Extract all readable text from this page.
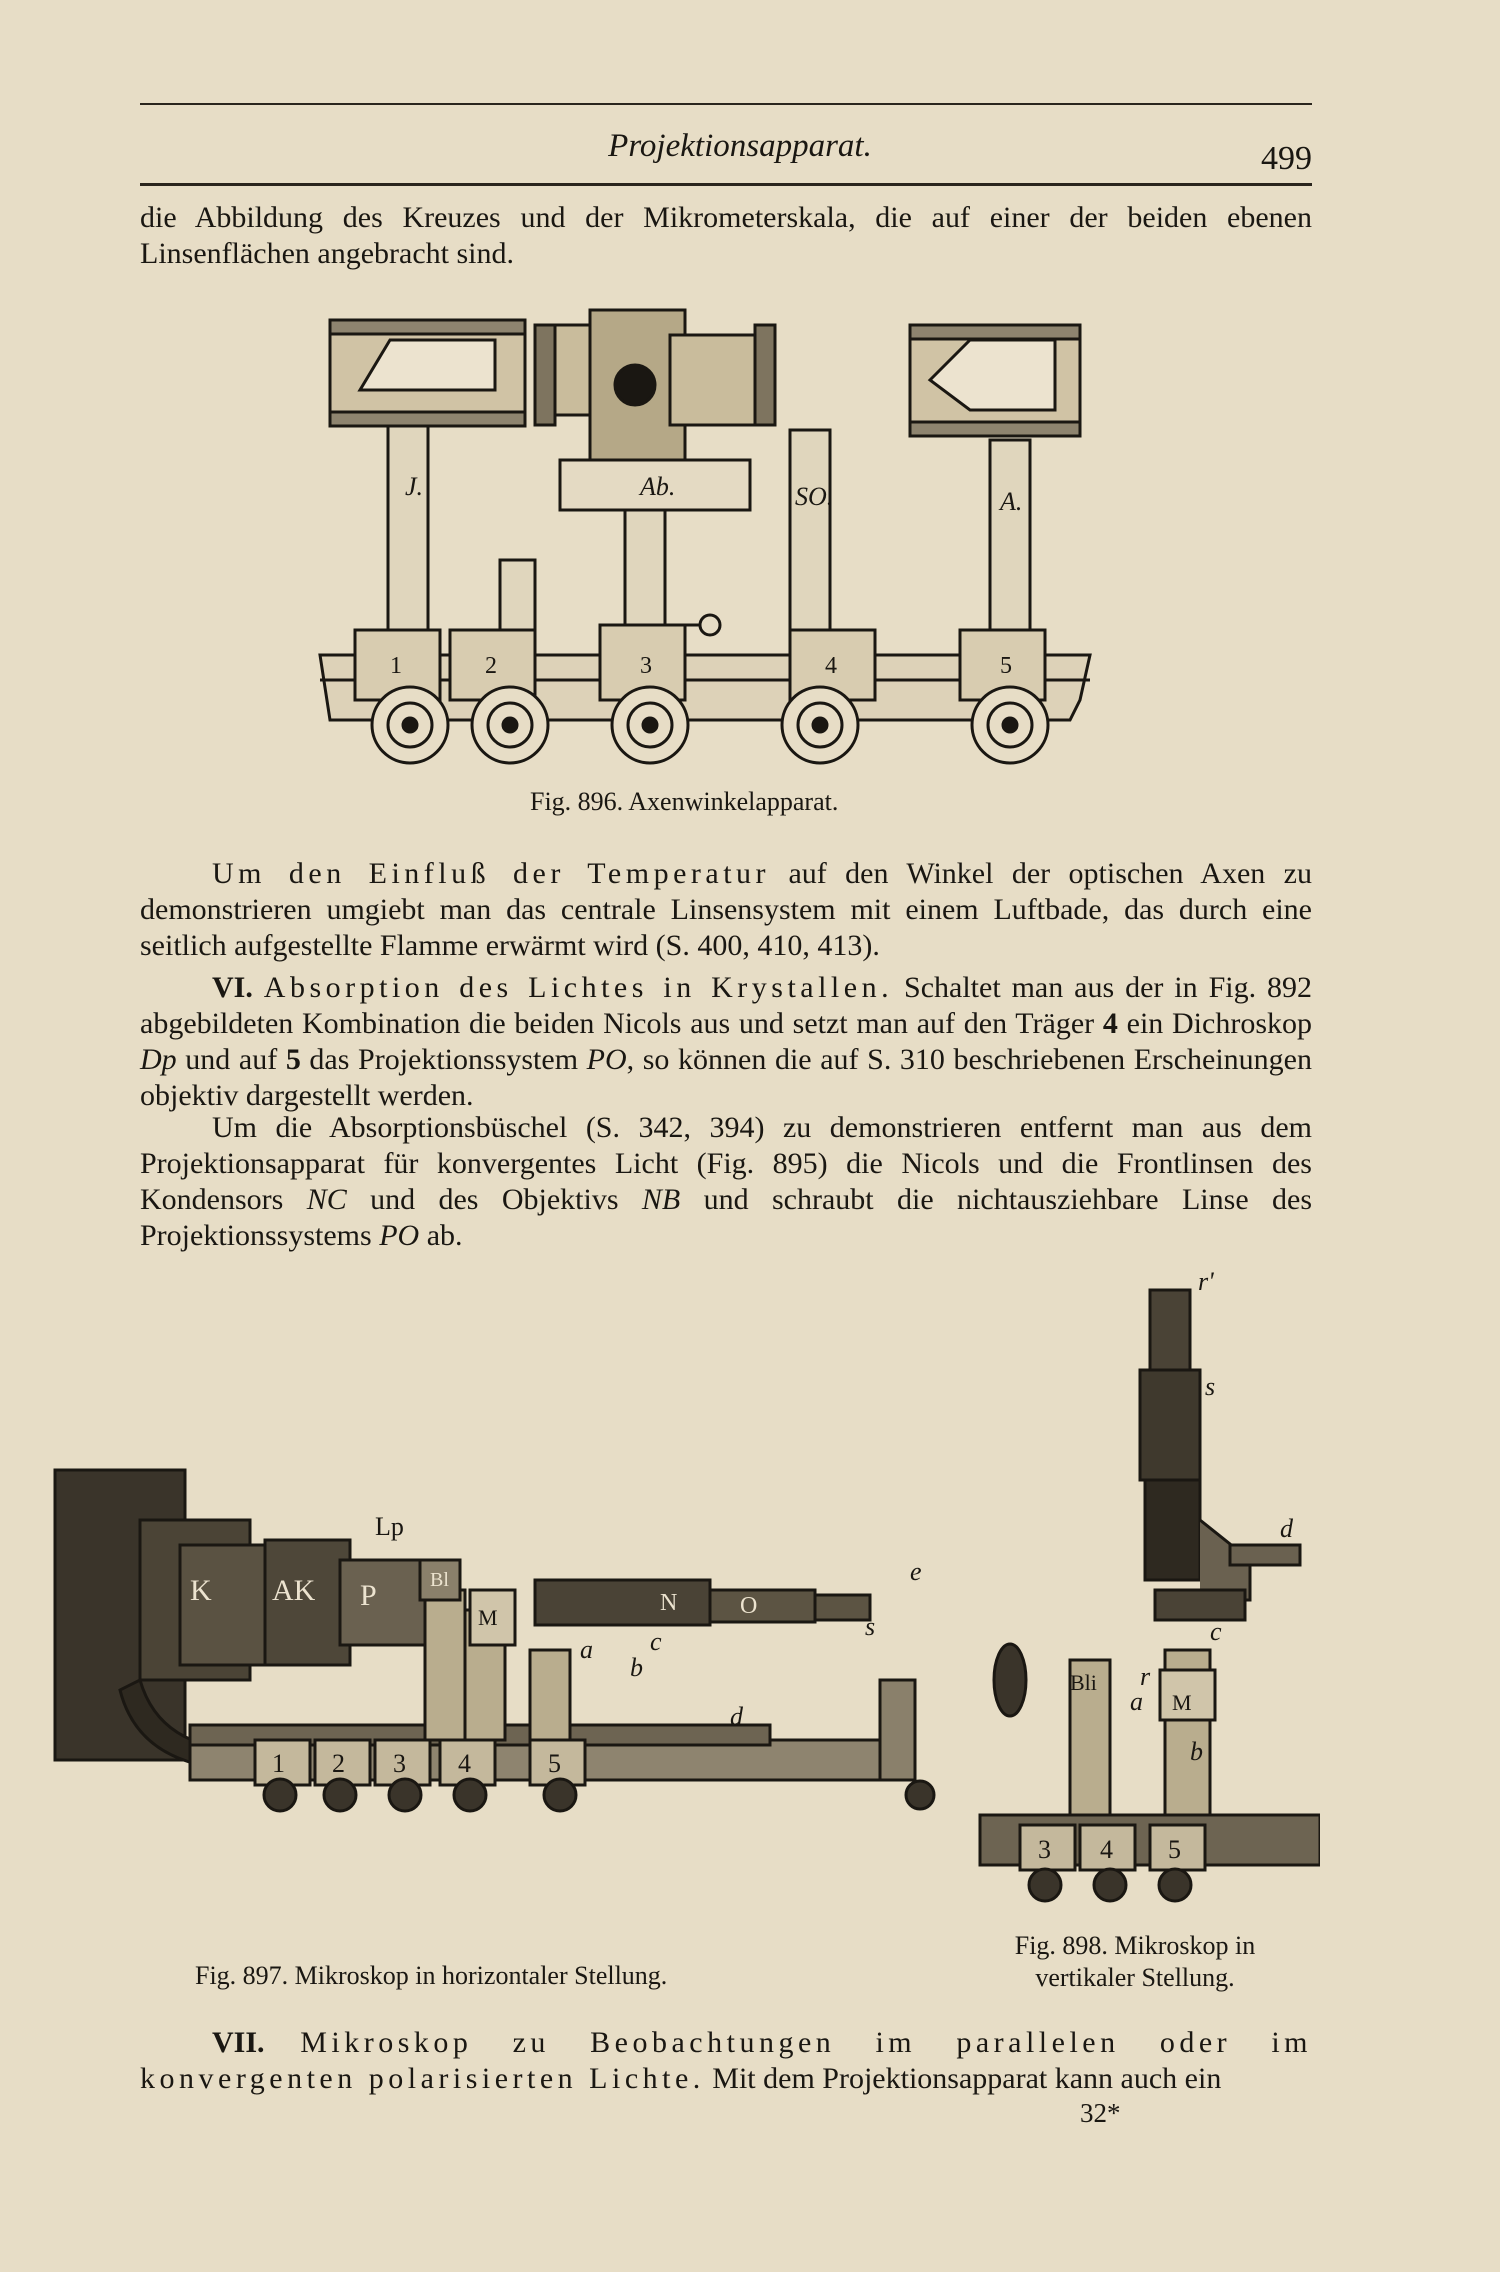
Projektionsapparat.	499
die Abbildung des Kreuzes und der Mikrometerskala, die auf einer der beiden ebenen Linsenflächen angebracht sind.
J.	Ab.	SO.	A.
1	2	3	4	5
Fig. 896. Axenwinkelapparat.
Um den Einfluß der Temperatur auf den Winkel der optischen Axen zu demonstrieren umgiebt man das centrale Linsensystem mit einem Luftbade, das durch eine seitlich aufgestellte Flamme erwärmt wird (S. 400, 410, 413).
VI. Absorption des Lichtes in Krystallen. Schaltet man aus der in Fig. 892 abgebildeten Kombination die beiden Nicols aus und setzt man auf den Träger 4 ein Dichroskop Dp und auf 5 das Projektionssystem PO, so können die auf S. 310 beschriebenen Erscheinungen objektiv dargestellt werden.
Um die Absorptionsbüschel (S. 342, 394) zu demonstrieren entfernt man aus dem Projektionsapparat für konvergentes Licht (Fig. 895) die Nicols und die Frontlinsen des Kondensors NC und des Objektivs NB und schraubt die nichtausziehbare Linse des Projektionssystems PO ab.
K AK P	Bl
O
N
Lp
M
a
b
c
d
e
s
1 2 3 4	5
Fig. 897. Mikroskop in horizontaler Stellung.
r'
s
d
c
r
a
b
Bli
M
3 4 5
Fig. 898. Mikroskop in
vertikaler Stellung.
VII. Mikroskop zu Beobachtungen im parallelen oder im konvergenten polarisierten Lichte. Mit dem Projektionsapparat kann auch ein
32*
